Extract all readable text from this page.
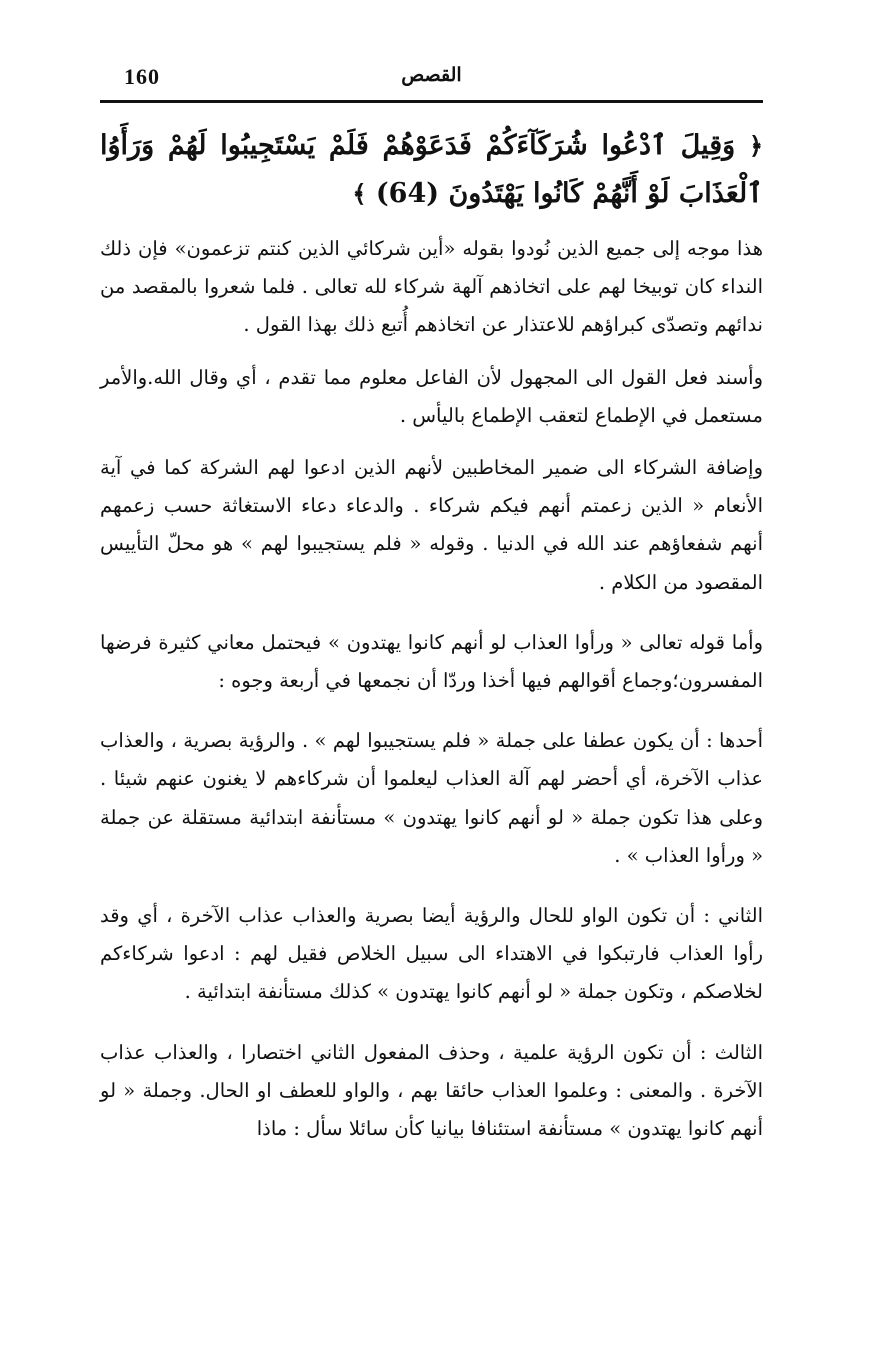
160	القصص

﴿ وَقِيلَ ٱدْعُوا شُرَكَآءَكُمْ فَدَعَوْهُمْ فَلَمْ يَسْتَجِيبُوا لَهُمْ وَرَأَوُا ٱلْعَذَابَ لَوْ أَنَّهُمْ كَانُوا يَهْتَدُونَ (64) ﴾

هذا موجه إلى جميع الذين نُودوا بقوله «أين شركائي الذين كنتم تزعمون» فإن ذلك النداء كان توبيخا لهم على اتخاذهم آلهة شركاء لله تعالى . فلما شعروا بالمقصد من ندائهم وتصدّى كبراؤهم للاعتذار عن اتخاذهم أُتبع ذلك بهذا القول .

وأسند فعل القول الى المجهول لأن الفاعل معلوم مما تقدم ، أي وقال الله.والأمر مستعمل في الإطماع لتعقب الإطماع باليأس .

وإضافة الشركاء الى ضمير المخاطبين لأنهم الذين ادعوا لهم الشركة كما في آية الأنعام « الذين زعمتم أنهم فيكم شركاء . والدعاء دعاء الاستغاثة حسب زعمهم أنهم شفعاؤهم عند الله في الدنيا . وقوله « فلم يستجيبوا لهم » هو محلّ التأييس المقصود من الكلام .

وأما قوله تعالى « ورأوا العذاب لو أنهم كانوا يهتدون » فيحتمل معاني كثيرة فرضها المفسرون؛وجماع أقوالهم فيها أخذا وردّا أن نجمعها في أربعة وجوه :

أحدها : أن يكون عطفا على جملة « فلم يستجيبوا لهم » . والرؤية بصرية ، والعذاب عذاب الآخرة، أي أحضر لهم آلة العذاب ليعلموا أن شركاءهم لا يغنون عنهم شيئا . وعلى هذا تكون جملة « لو أنهم كانوا يهتدون » مستأنفة ابتدائية مستقلة عن جملة « ورأوا العذاب » .

الثاني : أن تكون الواو للحال والرؤية أيضا بصرية والعذاب عذاب الآخرة ، أي وقد رأوا العذاب فارتبكوا في الاهتداء الى سبيل الخلاص فقيل لهم : ادعوا شركاءكم لخلاصكم ، وتكون جملة « لو أنهم كانوا يهتدون » كذلك مستأنفة ابتدائية .

الثالث : أن تكون الرؤية علمية ، وحذف المفعول الثاني اختصارا ، والعذاب عذاب الآخرة . والمعنى : وعلموا العذاب حائقا بهم ، والواو للعطف او الحال. وجملة « لو أنهم كانوا يهتدون » مستأنفة استئنافا بيانيا كأن سائلا سأل : ماذا
